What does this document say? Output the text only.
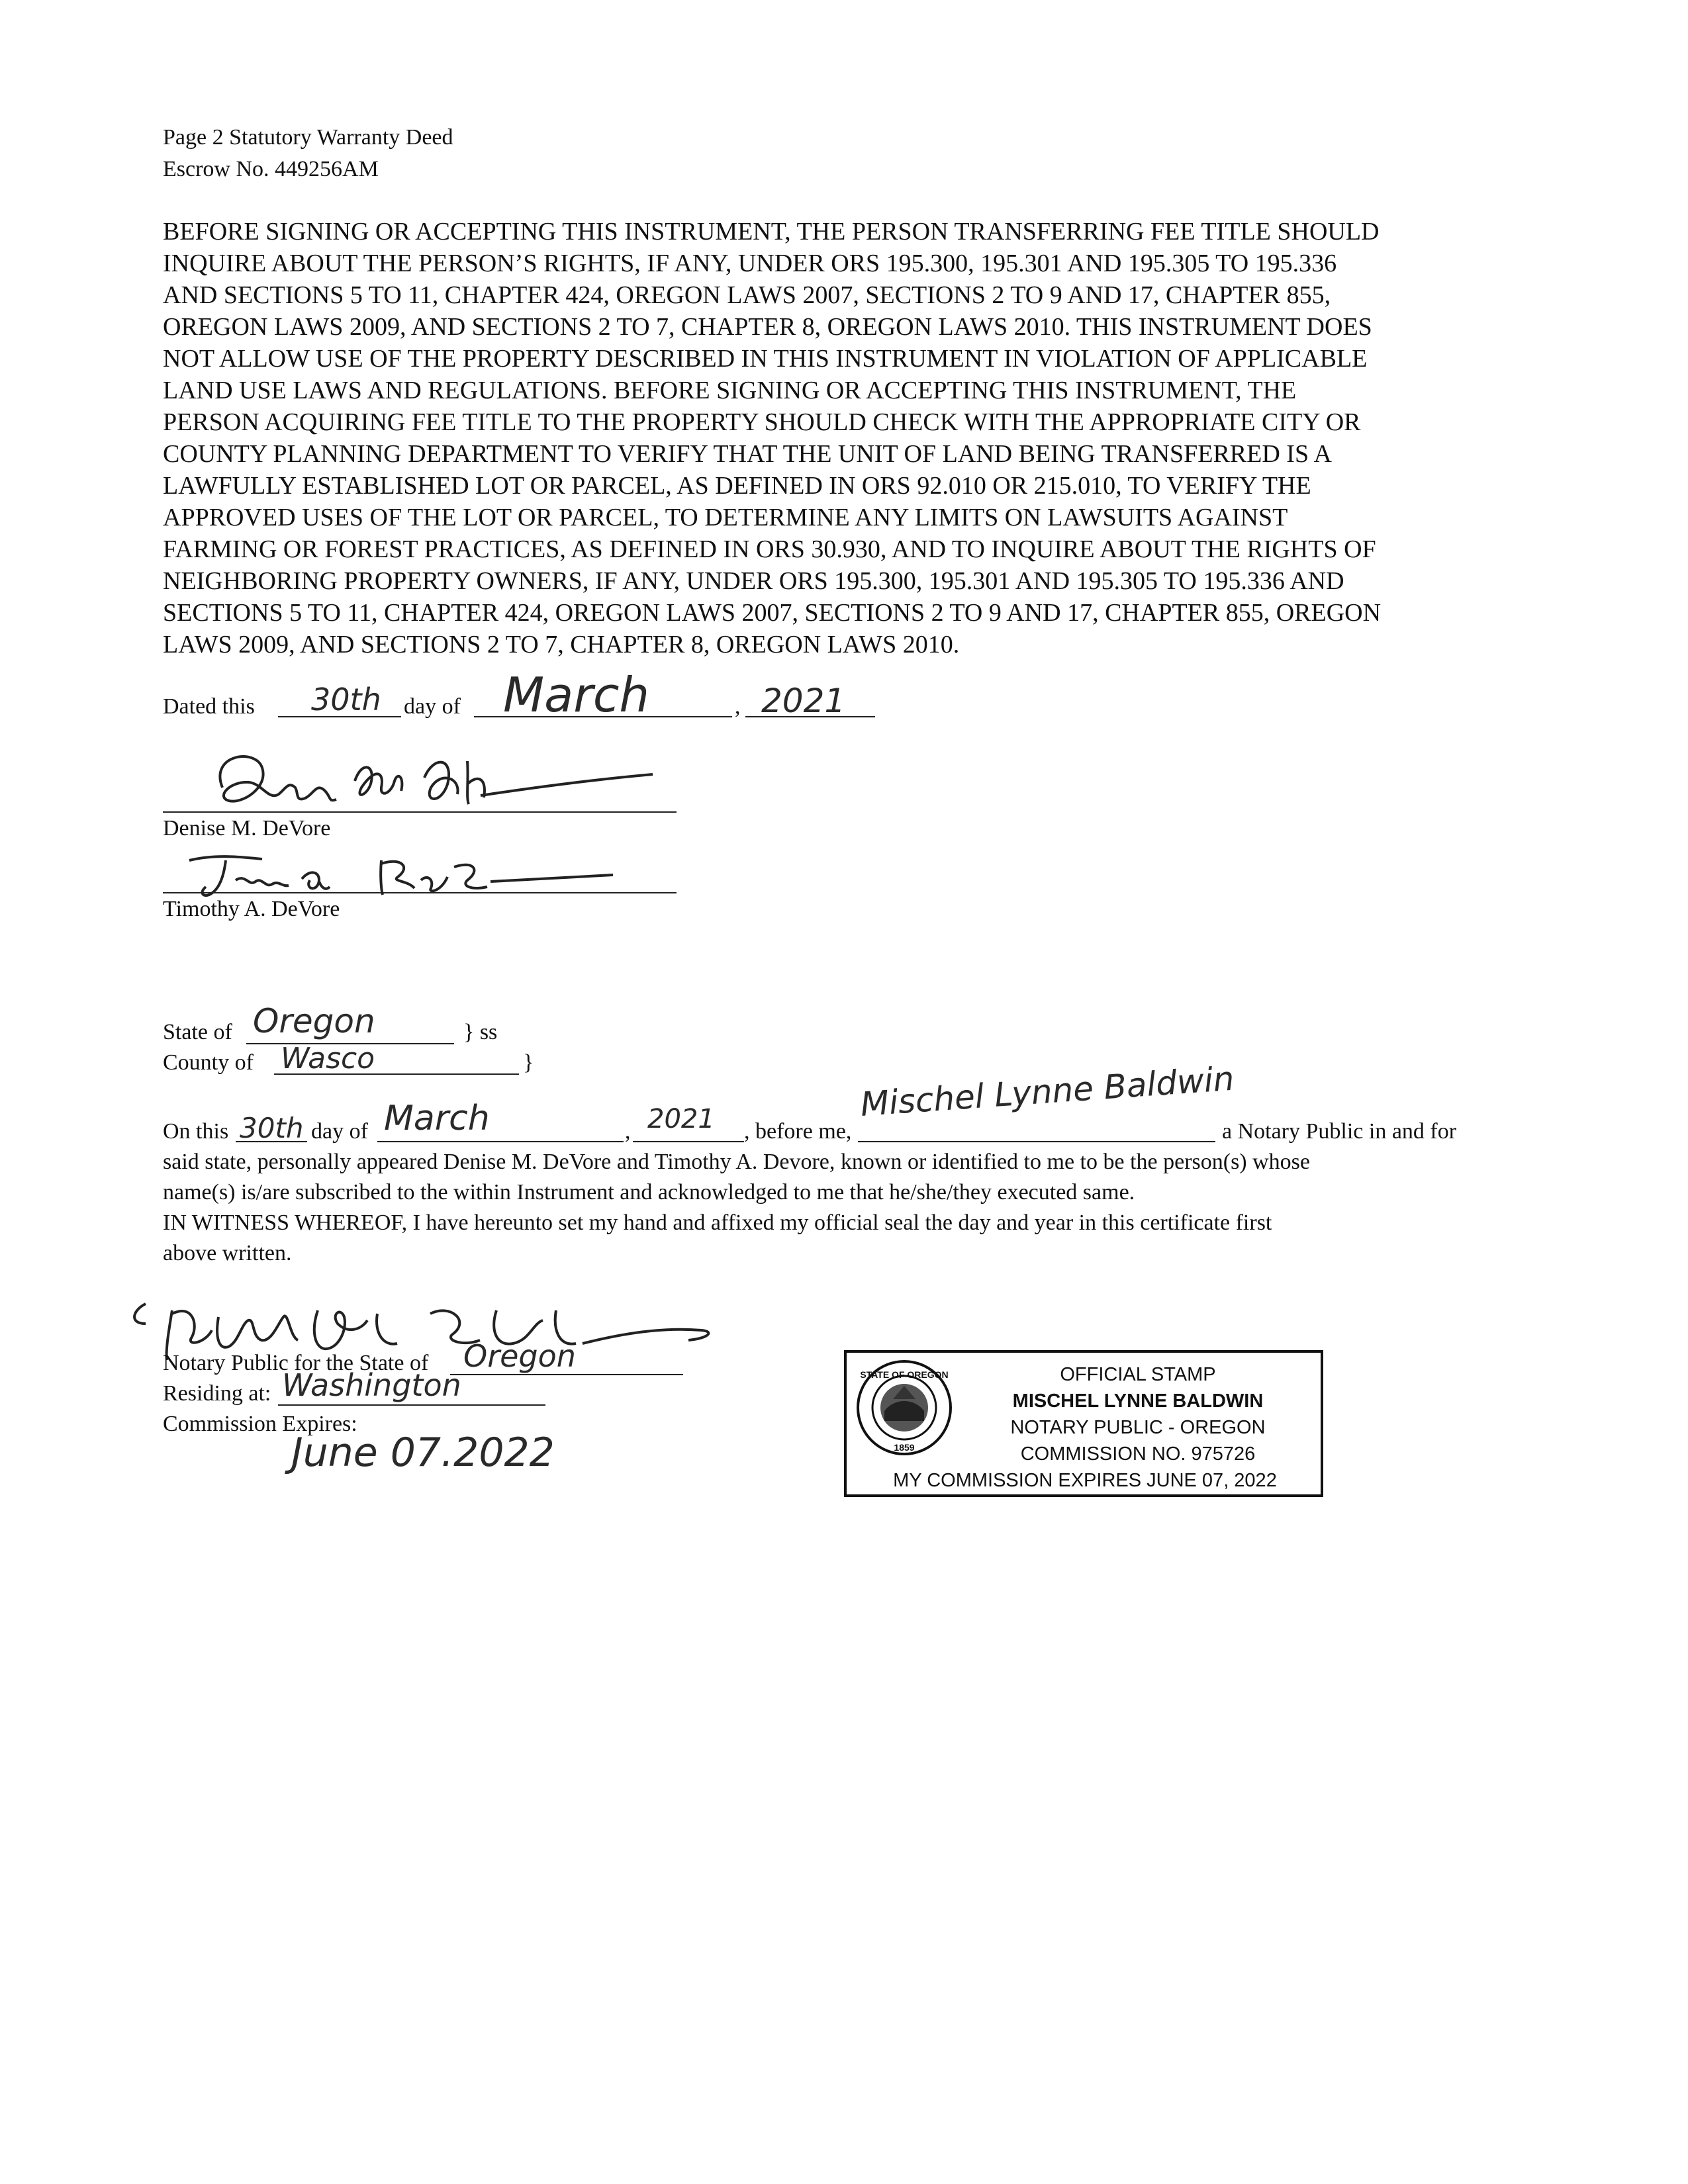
Page 2 Statutory Warranty Deed
Escrow No. 449256AM
BEFORE SIGNING OR ACCEPTING THIS INSTRUMENT, THE PERSON TRANSFERRING FEE TITLE SHOULD
INQUIRE ABOUT THE PERSON’S RIGHTS, IF ANY, UNDER ORS 195.300, 195.301 AND 195.305 TO 195.336
AND SECTIONS 5 TO 11, CHAPTER 424, OREGON LAWS 2007, SECTIONS 2 TO 9 AND 17, CHAPTER 855,
OREGON LAWS 2009, AND SECTIONS 2 TO 7, CHAPTER 8, OREGON LAWS 2010. THIS INSTRUMENT DOES
NOT ALLOW USE OF THE PROPERTY DESCRIBED IN THIS INSTRUMENT IN VIOLATION OF APPLICABLE
LAND USE LAWS AND REGULATIONS. BEFORE SIGNING OR ACCEPTING THIS INSTRUMENT, THE
PERSON ACQUIRING FEE TITLE TO THE PROPERTY SHOULD CHECK WITH THE APPROPRIATE CITY OR
COUNTY PLANNING DEPARTMENT TO VERIFY THAT THE UNIT OF LAND BEING TRANSFERRED IS A
LAWFULLY ESTABLISHED LOT OR PARCEL, AS DEFINED IN ORS 92.010 OR 215.010, TO VERIFY THE
APPROVED USES OF THE LOT OR PARCEL, TO DETERMINE ANY LIMITS ON LAWSUITS AGAINST
FARMING OR FOREST PRACTICES, AS DEFINED IN ORS 30.930, AND TO INQUIRE ABOUT THE RIGHTS OF
NEIGHBORING PROPERTY OWNERS, IF ANY, UNDER ORS 195.300, 195.301 AND 195.305 TO 195.336 AND
SECTIONS 5 TO 11, CHAPTER 424, OREGON LAWS 2007, SECTIONS 2 TO 9 AND 17, CHAPTER 855, OREGON
LAWS 2009, AND SECTIONS 2 TO 7, CHAPTER 8, OREGON LAWS 2010.
Dated this 30th day of March	, 2021
Denise M. DeVore
Timothy A. DeVore
State of Oregon	} ss
County of Wasco	}
On this 30th day of March	, 2021 , before me,
Mischel Lynne Baldwin
a Notary Public in and for
said state, personally appeared Denise M. DeVore and Timothy A. Devore, known or identified to me to be the person(s) whose
name(s) is/are subscribed to the within Instrument and acknowledged to me that he/she/they executed same.
IN WITNESS WHEREOF, I have hereunto set my hand and affixed my official seal the day and year in this certificate first
above written.
Notary Public for the State of Oregon
Residing at: Washington
Commission Expires:
June 07.2022
STATE OF OREGON
1859
OFFICIAL STAMP
MISCHEL LYNNE BALDWIN
NOTARY PUBLIC - OREGON
COMMISSION NO. 975726
MY COMMISSION EXPIRES JUNE 07, 2022
